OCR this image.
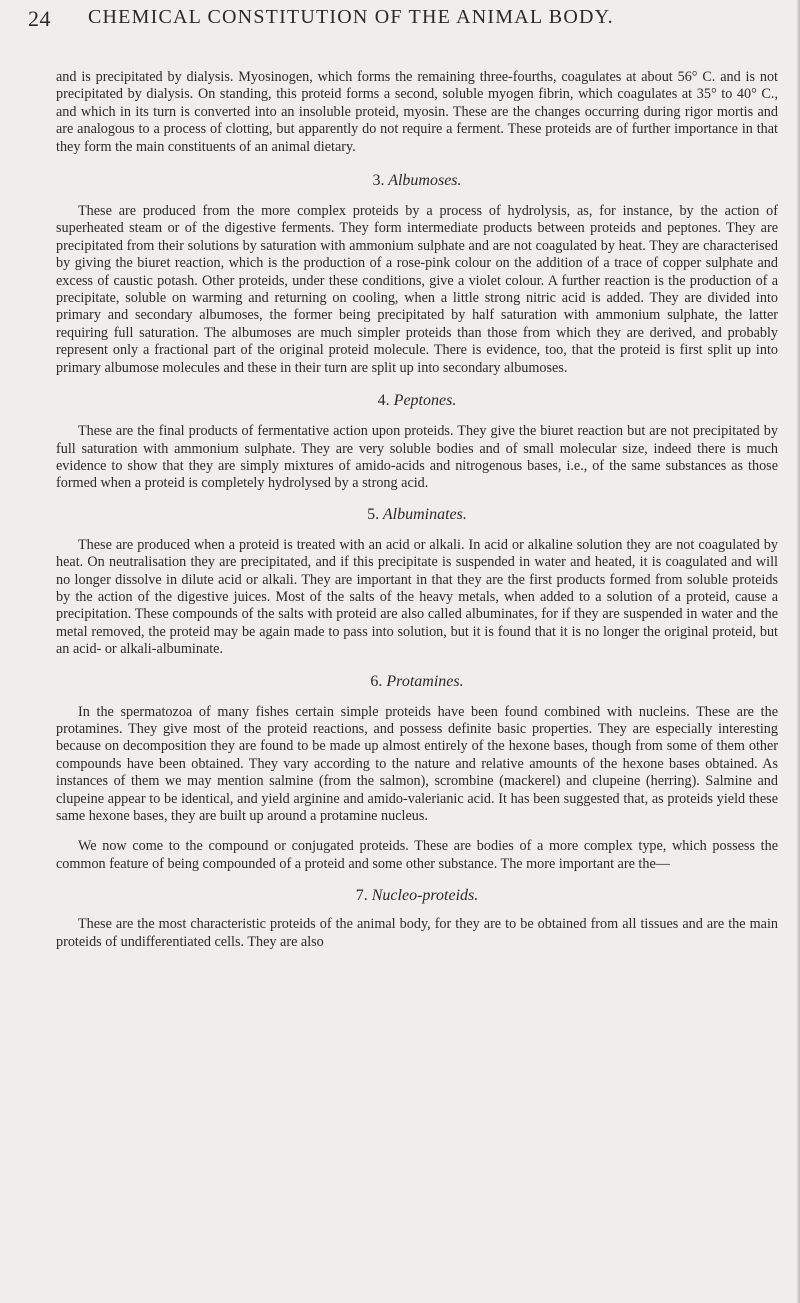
24 CHEMICAL CONSTITUTION OF THE ANIMAL BODY.

and is precipitated by dialysis. Myosinogen, which forms the remaining three-fourths, coagulates at about 56° C. and is not precipitated by dialysis. On standing, this proteid forms a second, soluble myogen fibrin, which coagulates at 35° to 40° C., and which in its turn is converted into an insoluble proteid, myosin. These are the changes occurring during rigor mortis and are analogous to a process of clotting, but apparently do not require a ferment. These proteids are of further importance in that they form the main constituents of an animal dietary.

3. Albumoses.

These are produced from the more complex proteids by a process of hydrolysis, as, for instance, by the action of superheated steam or of the digestive ferments. They form intermediate products between proteids and peptones. They are precipitated from their solutions by saturation with ammonium sulphate and are not coagulated by heat. They are characterised by giving the biuret reaction, which is the production of a rose-pink colour on the addition of a trace of copper sulphate and excess of caustic potash. Other proteids, under these conditions, give a violet colour. A further reaction is the production of a precipitate, soluble on warming and returning on cooling, when a little strong nitric acid is added. They are divided into primary and secondary albumoses, the former being precipitated by half saturation with ammonium sulphate, the latter requiring full saturation. The albumoses are much simpler proteids than those from which they are derived, and probably represent only a fractional part of the original proteid molecule. There is evidence, too, that the proteid is first split up into primary albumose molecules and these in their turn are split up into secondary albumoses.

4. Peptones.

These are the final products of fermentative action upon proteids. They give the biuret reaction but are not precipitated by full saturation with ammonium sulphate. They are very soluble bodies and of small molecular size, indeed there is much evidence to show that they are simply mixtures of amido-acids and nitrogenous bases, i.e., of the same substances as those formed when a proteid is completely hydrolysed by a strong acid.

5. Albuminates.

These are produced when a proteid is treated with an acid or alkali. In acid or alkaline solution they are not coagulated by heat. On neutralisation they are precipitated, and if this precipitate is suspended in water and heated, it is coagulated and will no longer dissolve in dilute acid or alkali. They are important in that they are the first products formed from soluble proteids by the action of the digestive juices. Most of the salts of the heavy metals, when added to a solution of a proteid, cause a precipitation. These compounds of the salts with proteid are also called albuminates, for if they are suspended in water and the metal removed, the proteid may be again made to pass into solution, but it is found that it is no longer the original proteid, but an acid- or alkali-albuminate.

6. Protamines.

In the spermatozoa of many fishes certain simple proteids have been found combined with nucleins. These are the protamines. They give most of the proteid reactions, and possess definite basic properties. They are especially interesting because on decomposition they are found to be made up almost entirely of the hexone bases, though from some of them other compounds have been obtained. They vary according to the nature and relative amounts of the hexone bases obtained. As instances of them we may mention salmine (from the salmon), scrombine (mackerel) and clupeine (herring). Salmine and clupeine appear to be identical, and yield arginine and amido-valerianic acid. It has been suggested that, as proteids yield these same hexone bases, they are built up around a protamine nucleus.

We now come to the compound or conjugated proteids. These are bodies of a more complex type, which possess the common feature of being compounded of a proteid and some other substance. The more important are the—

7. Nucleo-proteids.

These are the most characteristic proteids of the animal body, for they are to be obtained from all tissues and are the main proteids of undifferentiated cells. They are also
